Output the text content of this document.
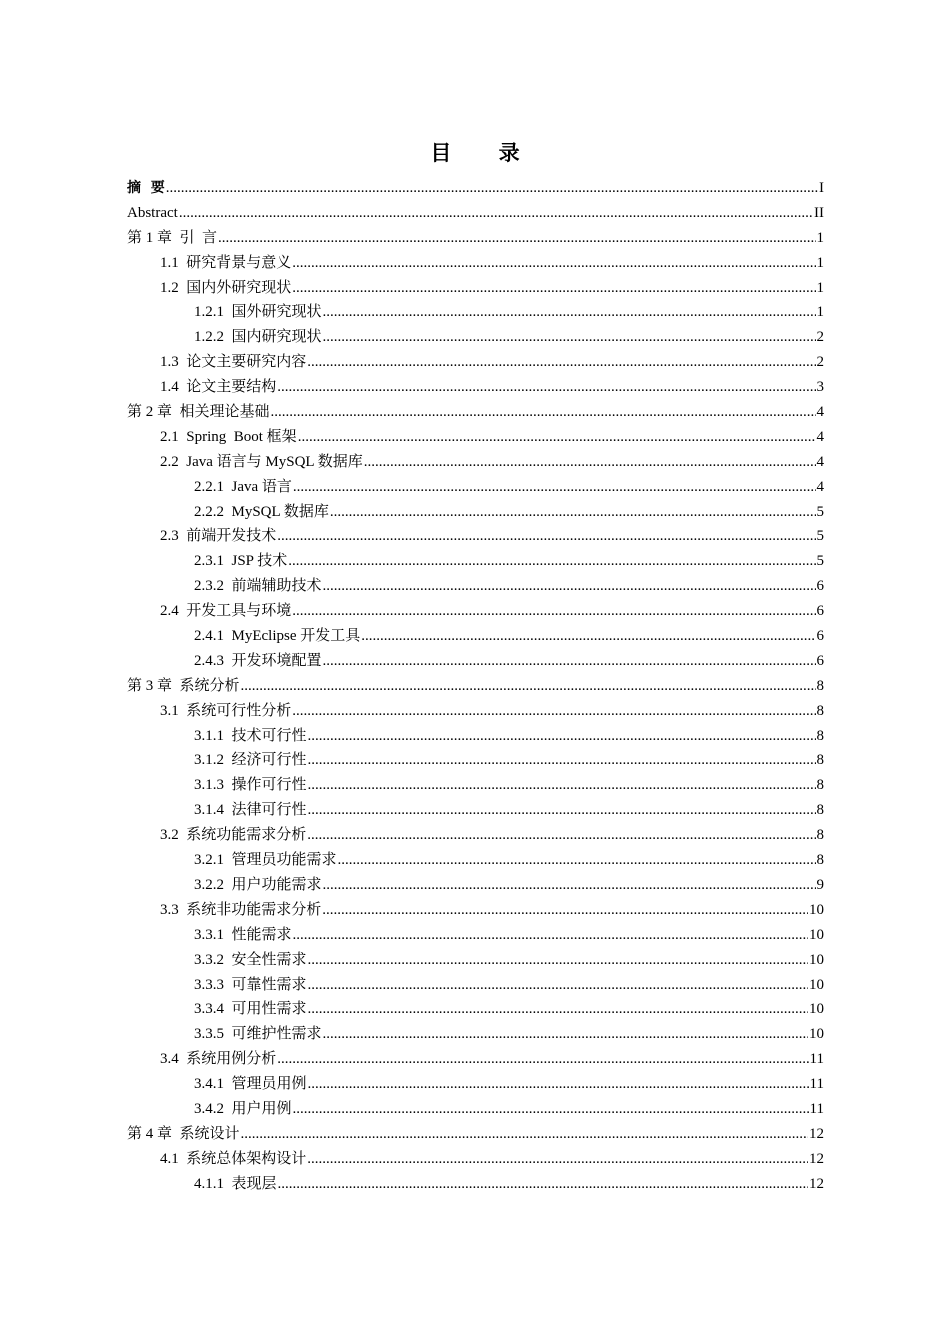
目 录
摘  要 .....	I
Abstract .....	II
第 1 章  引  言 .....	1
1.1  研究背景与意义 .....	1
1.2  国内外研究现状 .....	1
1.2.1  国外研究现状 .....	1
1.2.2  国内研究现状 .....	2
1.3  论文主要研究内容 .....	2
1.4  论文主要结构 .....	3
第 2 章  相关理论基础 .....	4
2.1  Spring  Boot 框架 .....	4
2.2  Java 语言与 MySQL 数据库 .....	4
2.2.1  Java 语言 .....	4
2.2.2  MySQL 数据库 .....	5
2.3  前端开发技术 .....	5
2.3.1  JSP 技术 .....	5
2.3.2  前端辅助技术 .....	6
2.4  开发工具与环境 .....	6
2.4.1  MyEclipse 开发工具 .....	6
2.4.3  开发环境配置 .....	6
第 3 章  系统分析 .....	8
3.1  系统可行性分析 .....	8
3.1.1  技术可行性 .....	8
3.1.2  经济可行性 .....	8
3.1.3  操作可行性 .....	8
3.1.4  法律可行性 .....	8
3.2  系统功能需求分析 .....	8
3.2.1  管理员功能需求 .....	8
3.2.2  用户功能需求 .....	9
3.3  系统非功能需求分析 .....	10
3.3.1  性能需求 .....	10
3.3.2  安全性需求 .....	10
3.3.3  可靠性需求 .....	10
3.3.4  可用性需求 .....	10
3.3.5  可维护性需求 .....	10
3.4  系统用例分析 .....	11
3.4.1  管理员用例 .....	11
3.4.2  用户用例 .....	11
第 4 章  系统设计 .....	12
4.1  系统总体架构设计 .....	12
4.1.1  表现层 .....	12
